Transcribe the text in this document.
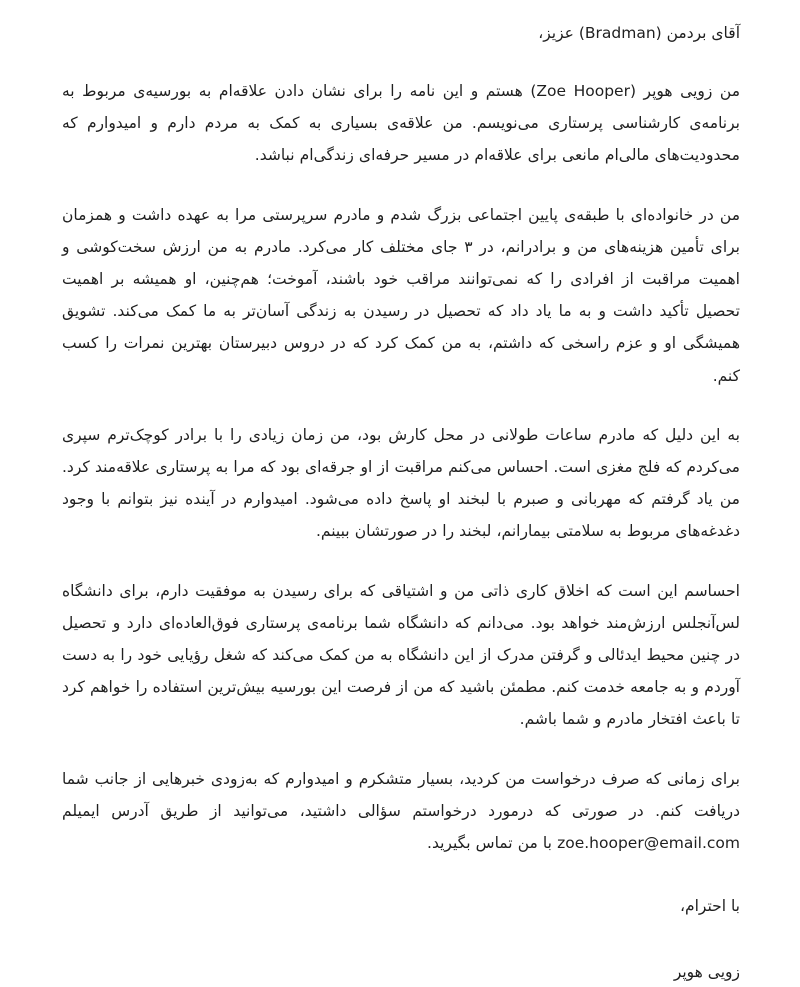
آقای بردمن (Bradman) عزیز،

من زویی هوپر (Zoe Hooper) هستم و این نامه را برای نشان دادن علاقه‌ام به بورسیه‌ی مربوط به برنامه‌ی کارشناسی پرستاری می‌نویسم. من علاقه‌ی بسیاری به کمک به مردم دارم و امیدوارم که محدودیت‌های مالی‌ام مانعی برای علاقه‌ام در مسیر حرفه‌ای زندگی‌ام نباشد.

من در خانواده‌ای با طبقه‌ی پایین اجتماعی بزرگ شدم و مادرم سرپرستی مرا به عهده داشت و همزمان برای تأمین هزینه‌های من و برادرانم، در ۳ جای مختلف کار می‌کرد. مادرم به من ارزش سخت‌کوشی و اهمیت مراقبت از افرادی را که نمی‌توانند مراقب خود باشند، آموخت؛ هم‌چنین، او همیشه بر اهمیت تحصیل تأکید داشت و به ما یاد داد که تحصیل در رسیدن به زندگی آسان‌تر به ما کمک می‌کند. تشویق همیشگی او و عزم راسخی که داشتم، به من کمک کرد که در دروس دبیرستان بهترین نمرات را کسب کنم.

به این دلیل که مادرم ساعات طولانی در محل کارش بود، من زمان زیادی را با برادر کوچک‌ترم سپری می‌کردم که فلج مغزی است. احساس می‌کنم مراقبت از او جرقه‌ای بود که مرا به پرستاری علاقه‌مند کرد. من یاد گرفتم که مهربانی و صبرم با لبخند او پاسخ داده می‌شود. امیدوارم در آینده نیز بتوانم با وجود دغدغه‌های مربوط به سلامتی بیمارانم، لبخند را در صورتشان ببینم.

احساسم این است که اخلاق کاری ذاتی من و اشتیاقی که برای رسیدن به موفقیت دارم، برای دانشگاه لس‌آنجلس ارزش‌مند خواهد بود. می‌دانم که دانشگاه شما برنامه‌ی پرستاری فوق‌العاده‌ای دارد و تحصیل در چنین محیط ایدئالی و گرفتن مدرک از این دانشگاه به من کمک می‌کند که شغل رؤیایی خود را به دست آوردم و به جامعه خدمت کنم. مطمئن باشید که من از فرصت این بورسیه بیش‌ترین استفاده را خواهم کرد تا باعث افتخار مادرم و شما باشم.

برای زمانی که صرف درخواست من کردید، بسیار متشکرم و امیدوارم که به‌زودی خبرهایی از جانب شما دریافت کنم. در صورتی که درمورد درخواستم سؤالی داشتید، می‌توانید از طریق آدرس ایمیلم zoe.hooper@email.com با من تماس بگیرید.

با احترام،

زویی هوپر
